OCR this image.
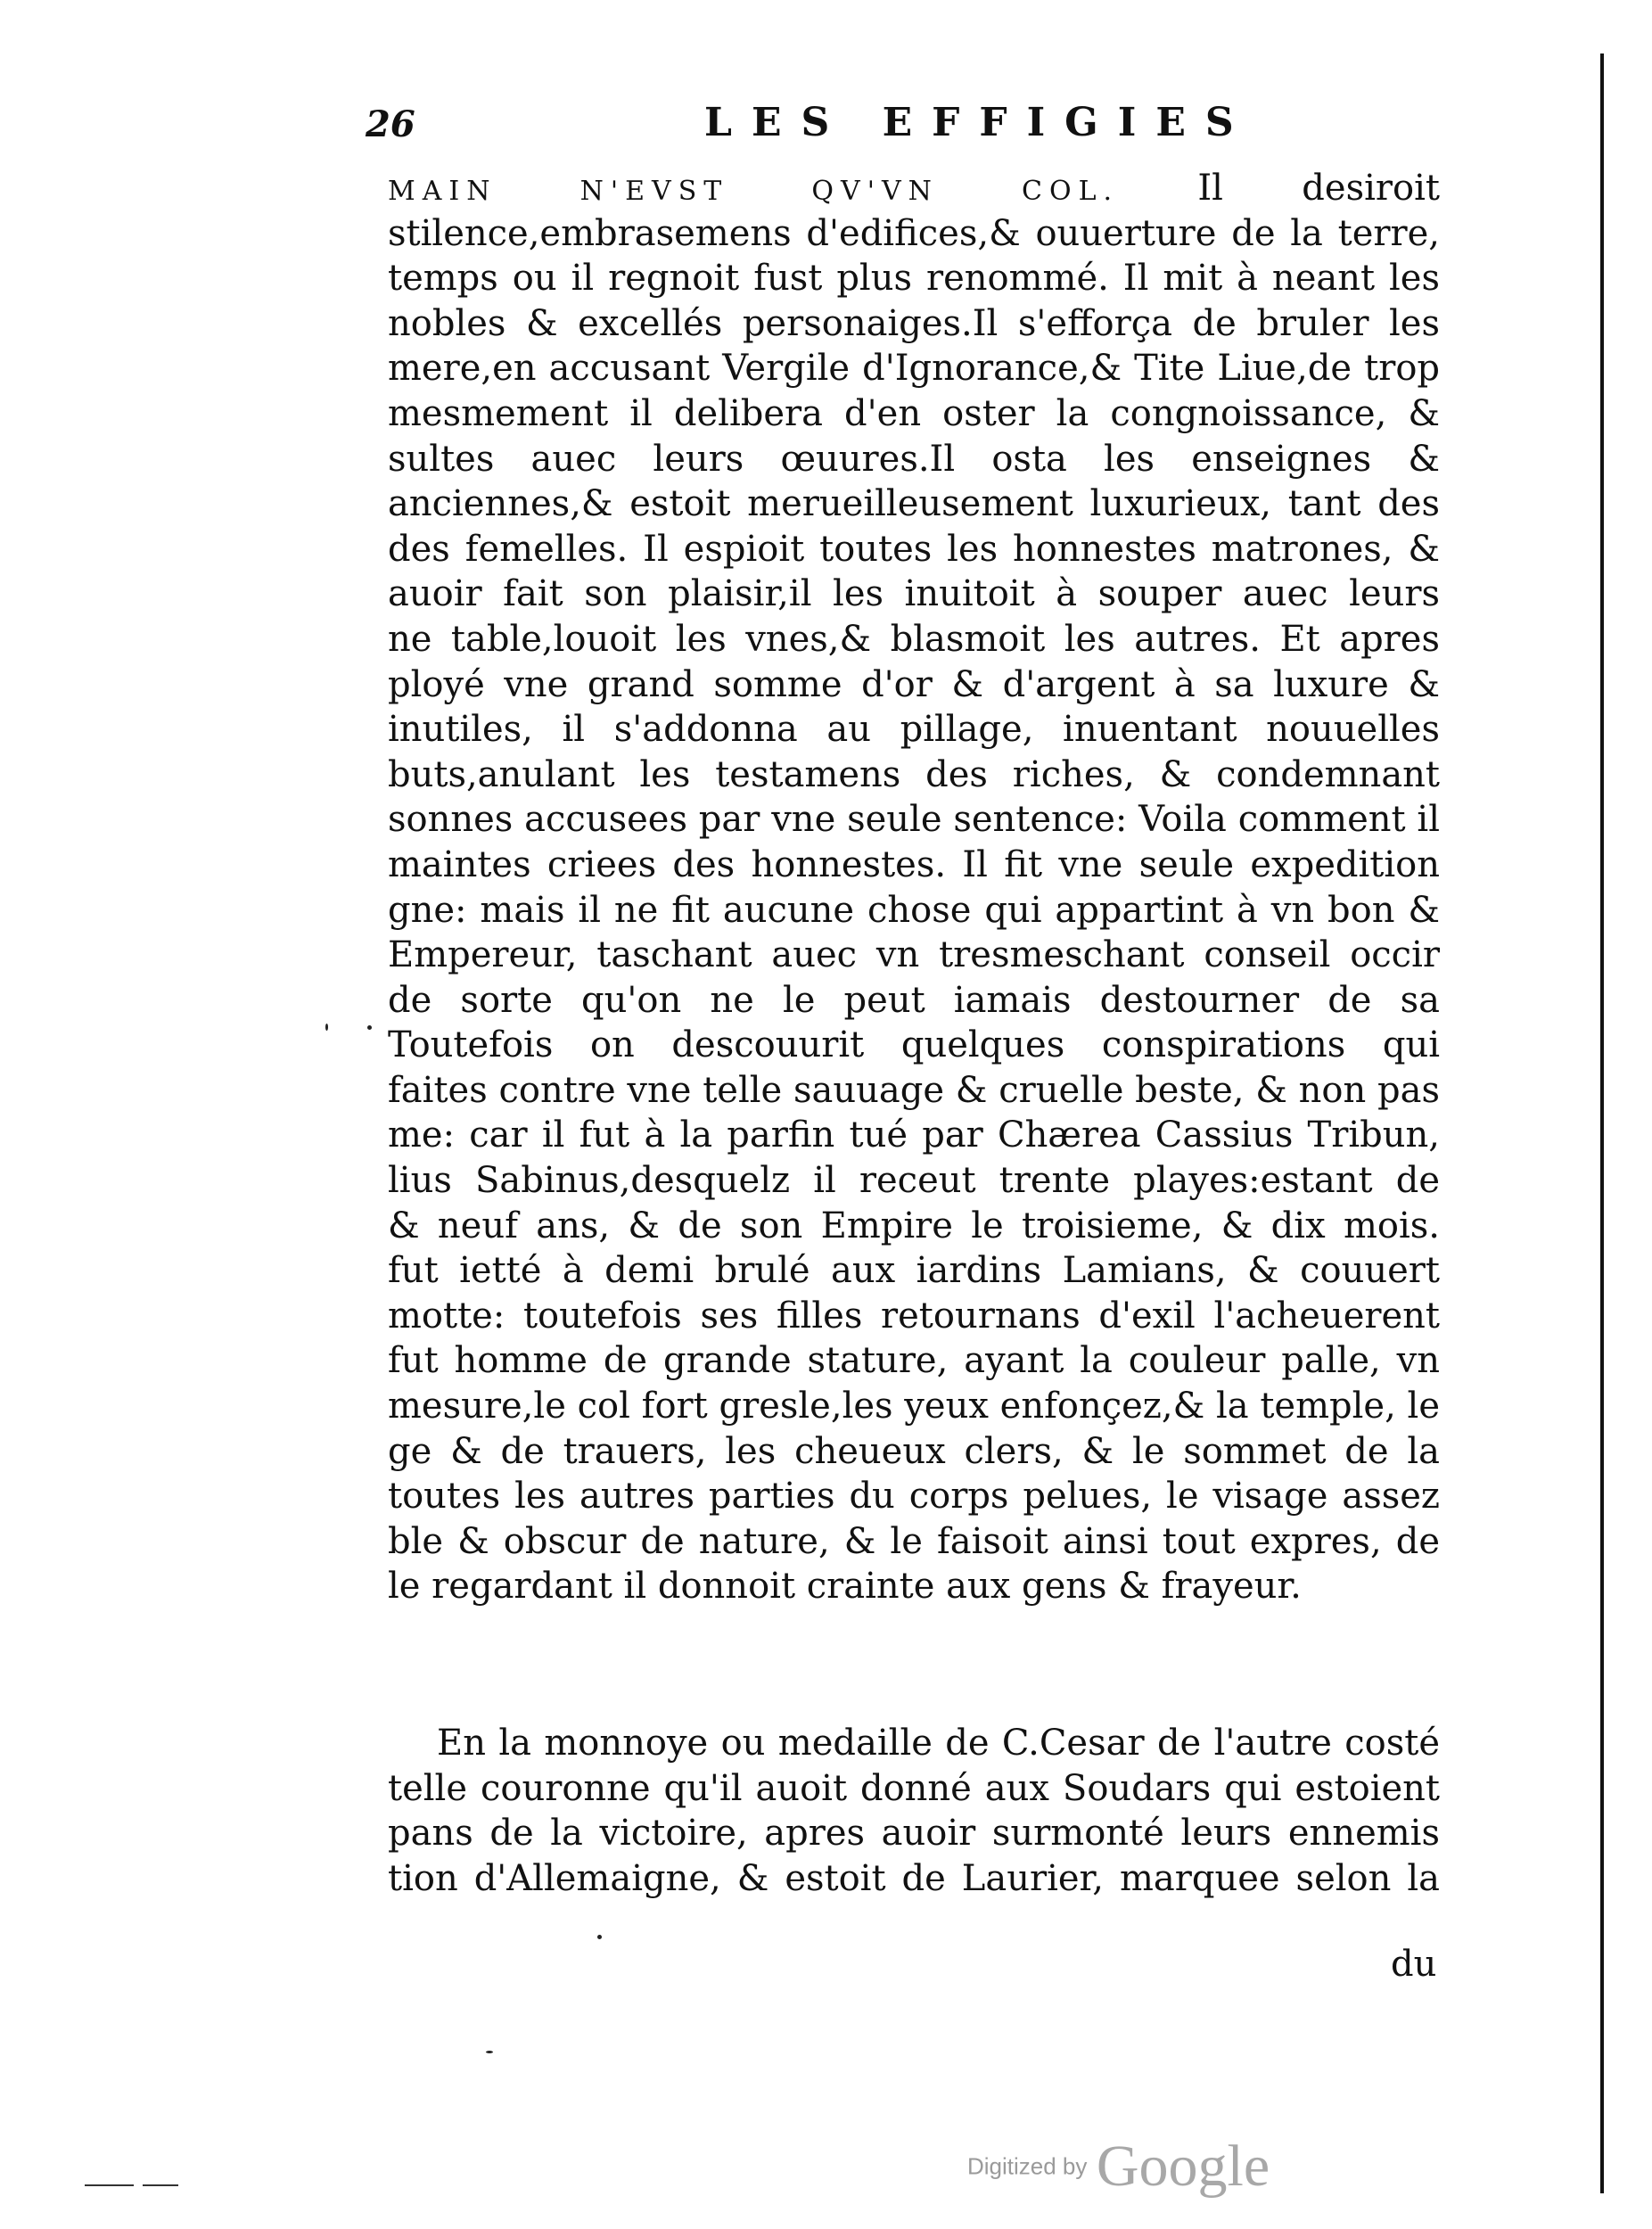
26	LES EFFIGIES
MAIN N'EVST QV'VN COL. Il desiroit
stilence,embrasemens d'edifices,& ouuerture de la terre,
temps ou il regnoit fust plus renommé. Il mit à neant les
nobles & excellés personaiges.Il s'efforça de bruler les
mere,en accusant Vergile d'Ignorance,& Tite Liue,de trop
mesmement il delibera d'en oster la congnoissance, &
sultes auec leurs œuures.Il osta les enseignes &
anciennes,& estoit merueilleusement luxurieux, tant des
des femelles. Il espioit toutes les honnestes matrones, &
auoir fait son plaisir,il les inuitoit à souper auec leurs
ne table,louoit les vnes,& blasmoit les autres. Et apres
ployé vne grand somme d'or & d'argent à sa luxure &
inutiles, il s'addonna au pillage, inuentant nouuelles
buts,anulant les testamens des riches, & condemnant
sonnes accusees par vne seule sentence: Voila comment il
maintes criees des honnestes. Il fit vne seule expedition
gne: mais il ne fit aucune chose qui appartint à vn bon &
Empereur, taschant auec vn tresmeschant conseil occir
de sorte qu'on ne le peut iamais destourner de sa
Toutefois on descouurit quelques conspirations qui
faites contre vne telle sauuage & cruelle beste, & non pas
me: car il fut à la parfin tué par Chærea Cassius Tribun,
lius Sabinus,desquelz il receut trente playes:estant de
& neuf ans, & de son Empire le troisieme, & dix mois.
fut ietté à demi brulé aux iardins Lamians, & couuert
motte: toutefois ses filles retournans d'exil l'acheuerent
fut homme de grande stature, ayant la couleur palle, vn
mesure,le col fort gresle,les yeux enfonçez,& la temple, le
ge & de trauers, les cheueux clers, & le sommet de la
toutes les autres parties du corps pelues, le visage assez
ble & obscur de nature, & le faisoit ainsi tout expres, de
le regardant il donnoit crainte aux gens & frayeur.
En la monnoye ou medaille de C.Cesar de l'autre costé
telle couronne qu'il auoit donné aux Soudars qui estoient
pans de la victoire, apres auoir surmonté leurs ennemis
tion d'Allemaigne, & estoit de Laurier, marquee selon la
du
Digitized by Google
